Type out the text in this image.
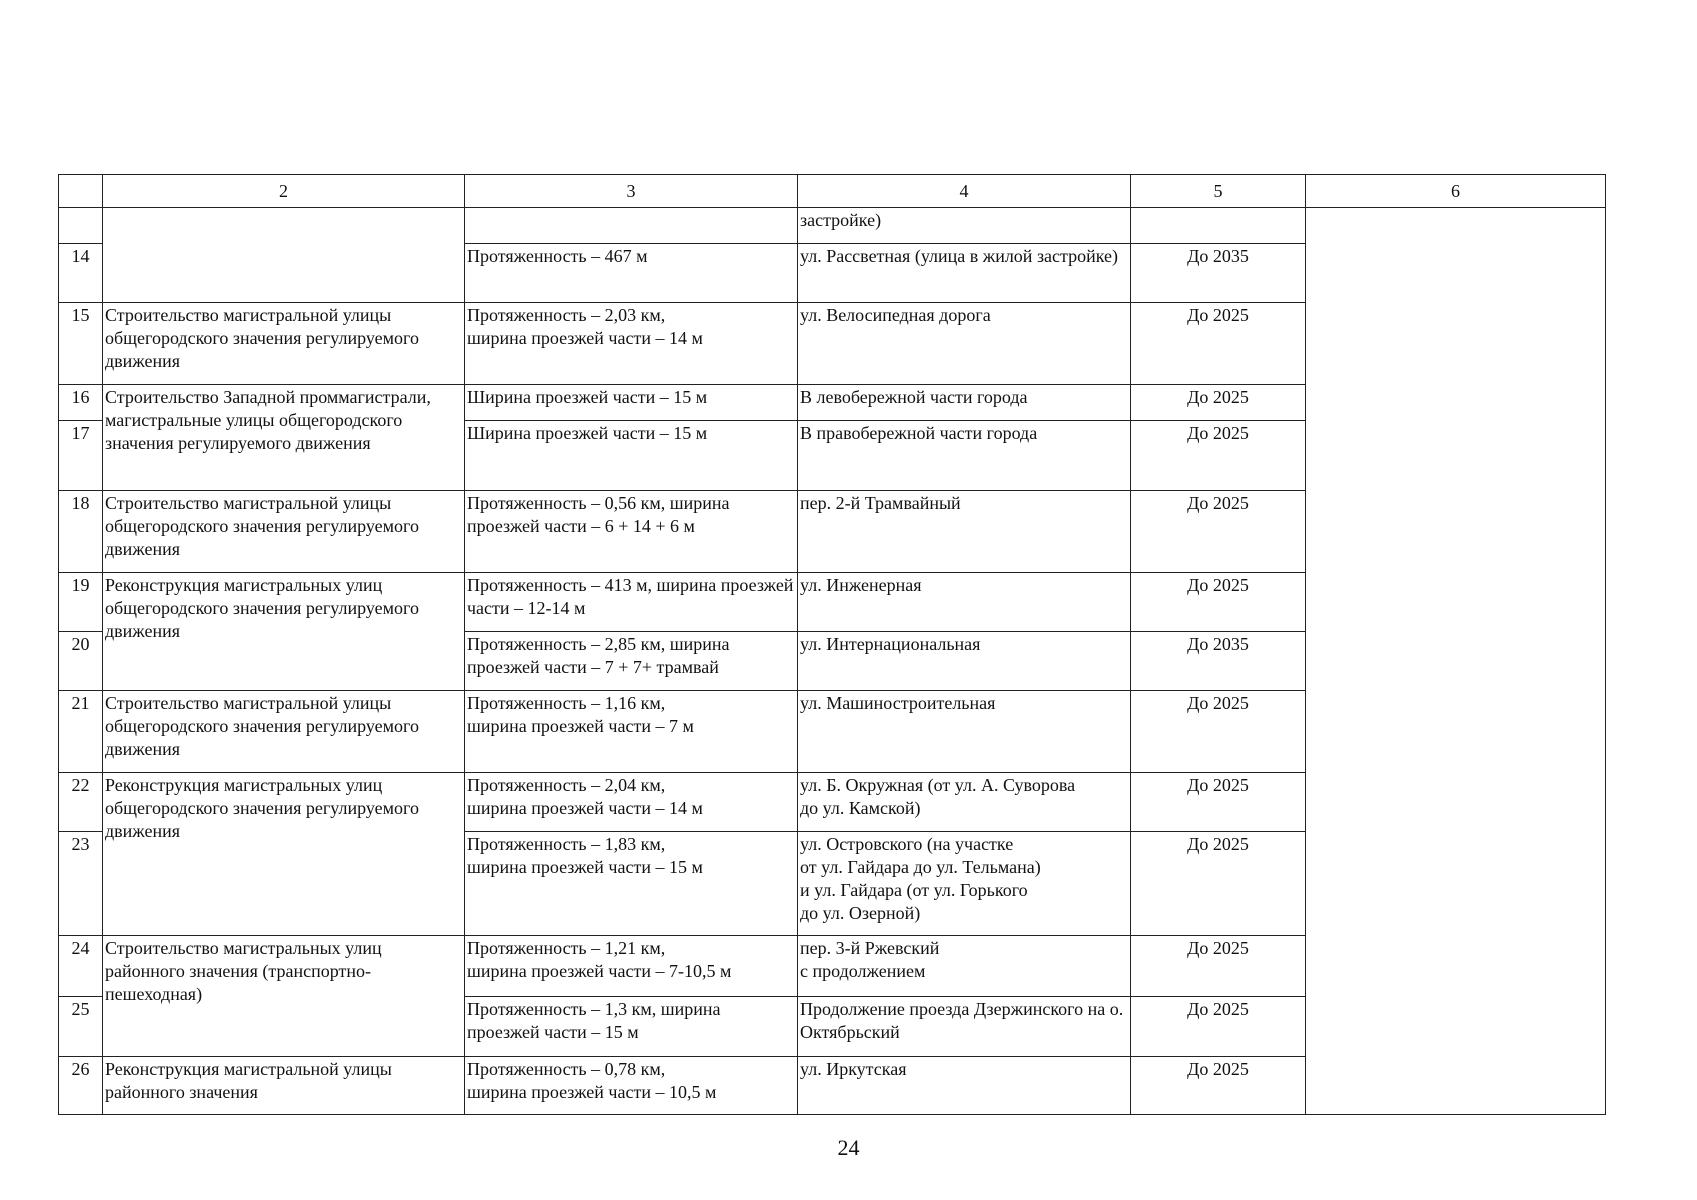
	2	3	4	5	6
			застройке)		
14		Протяженность – 467 м	ул. Рассветная (улица в жилой застройке)	До 2035	
15	Строительство магистральной улицы общегородского значения регулируемого движения	Протяженность – 2,03 км,
ширина проезжей части – 14 м	ул. Велосипедная дорога	До 2025	
16	Строительство Западной проммагистрали, магистральные улицы общегородского значения регулируемого движения	Ширина проезжей части – 15 м	В левобережной части города	До 2025	
17		Ширина проезжей части – 15 м	В правобережной части города	До 2025	
18	Строительство магистральной улицы общегородского значения регулируемого движения	Протяженность – 0,56 км, ширина проезжей части – 6 + 14 + 6 м	пер. 2-й Трамвайный	До 2025	
19	Реконструкция магистральных улиц общегородского значения регулируемого движения	Протяженность – 413 м, ширина проезжей части – 12-14 м	ул. Инженерная	До 2025	
20		Протяженность – 2,85 км, ширина проезжей части – 7 + 7+ трамвай	ул. Интернациональная	До 2035	
21	Строительство магистральной улицы общегородского значения регулируемого движения	Протяженность – 1,16 км,
ширина проезжей части – 7 м	ул. Машиностроительная	До 2025	
22	Реконструкция магистральных улиц общегородского значения регулируемого движения	Протяженность – 2,04 км,
ширина проезжей части – 14 м	ул. Б. Окружная (от ул. А. Суворова
до ул. Камской)	До 2025	
23		Протяженность – 1,83 км,
ширина проезжей части – 15 м	ул. Островского (на участке
от ул. Гайдара до ул. Тельмана)
и ул. Гайдара (от ул. Горького
до ул. Озерной)	До 2025	
24	Строительство магистральных улиц районного значения (транспортно-пешеходная)	Протяженность – 1,21 км,
ширина проезжей части – 7-10,5 м	пер. 3-й Ржевский
с продолжением	До 2025	
25		Протяженность – 1,3 км, ширина проезжей части – 15 м	Продолжение проезда Дзержинского на о. Октябрьский	До 2025	
26	Реконструкция магистральной улицы районного значения	Протяженность – 0,78 км,
ширина проезжей части – 10,5 м	ул. Иркутская	До 2025	
24
